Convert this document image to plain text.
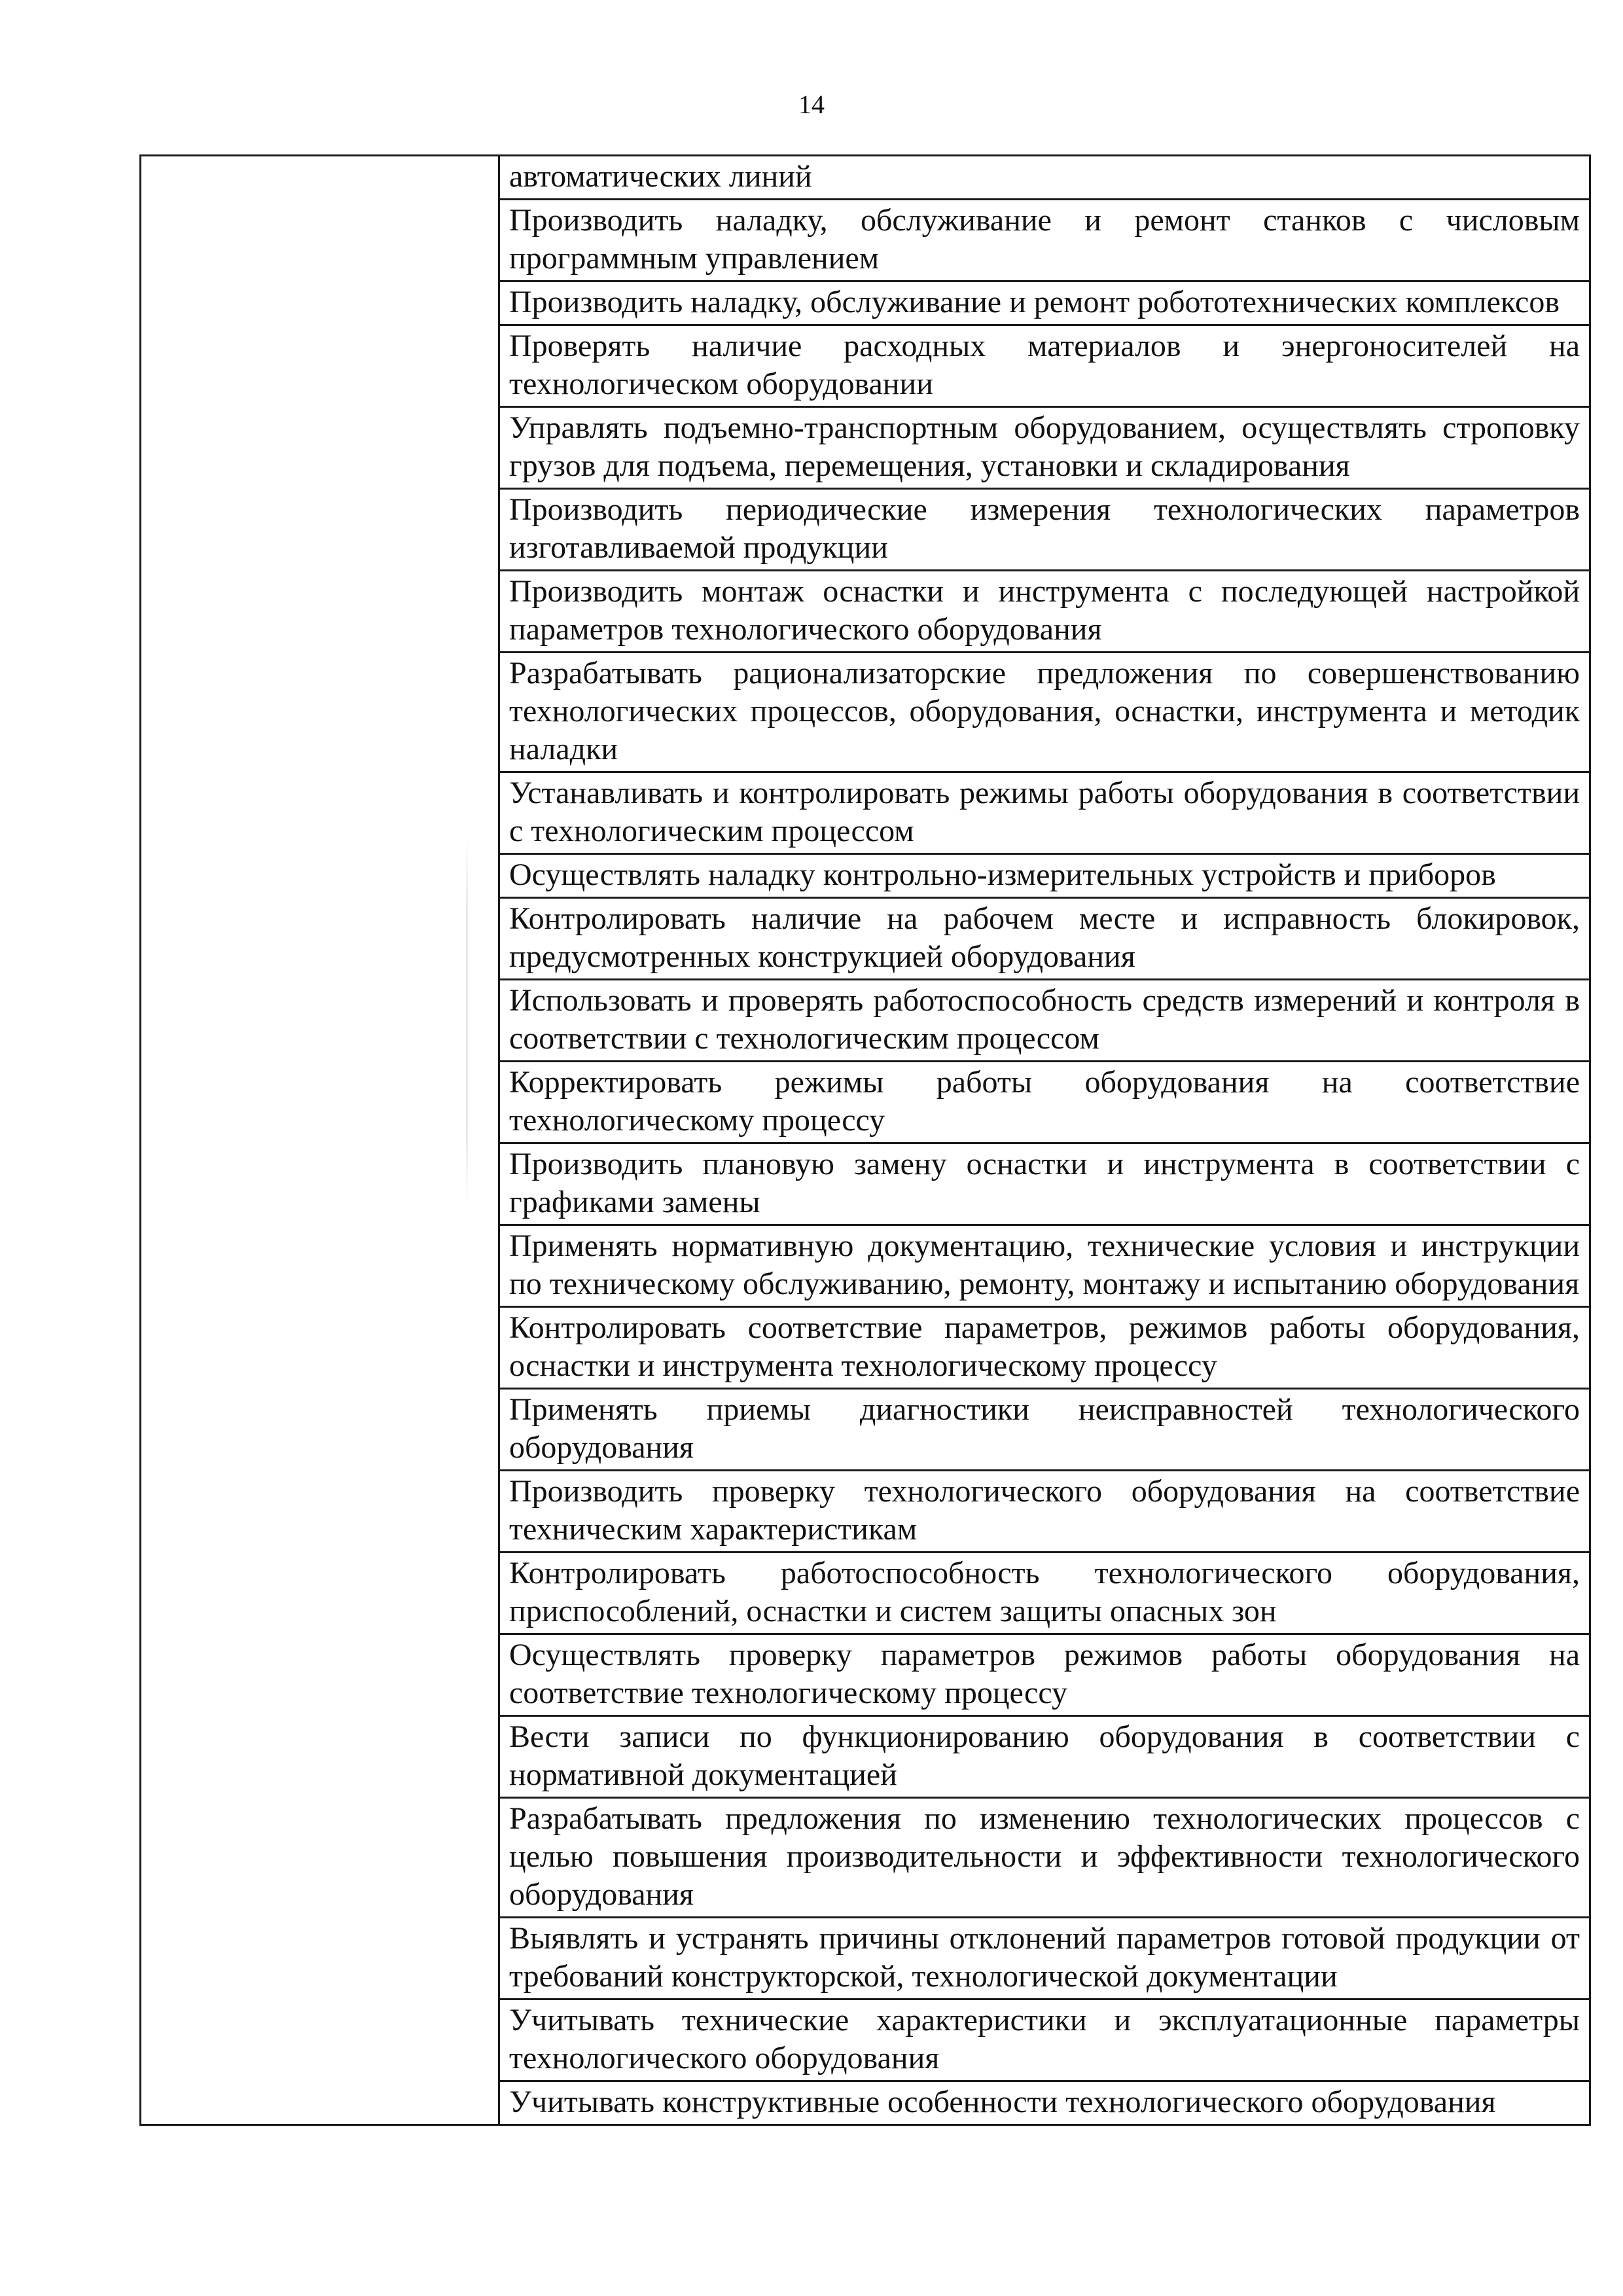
14
	автоматических линий
Производить наладку, обслуживание и ремонт станков с числовым программным управлением
Производить наладку, обслуживание и ремонт робототехнических комплексов
Проверять наличие расходных материалов и энергоносителей на технологическом оборудовании
Управлять подъемно-транспортным оборудованием, осуществлять строповку грузов для подъема, перемещения, установки и складирования
Производить периодические измерения технологических параметров изготавливаемой продукции
Производить монтаж оснастки и инструмента с последующей настройкой параметров технологического оборудования
Разрабатывать рационализаторские предложения по совершенствованию технологических процессов, оборудования, оснастки, инструмента и методик наладки
Устанавливать и контролировать режимы работы оборудования в соответствии с технологическим процессом
Осуществлять наладку контрольно-измерительных устройств и приборов
Контролировать наличие на рабочем месте и исправность блокировок, предусмотренных конструкцией оборудования
Использовать и проверять работоспособность средств измерений и контроля в соответствии с технологическим процессом
Корректировать режимы работы оборудования на соответствие технологическому процессу
Производить плановую замену оснастки и инструмента в соответствии с графиками замены
Применять нормативную документацию, технические условия и инструкции по техническому обслуживанию, ремонту, монтажу и испытанию оборудования
Контролировать соответствие параметров, режимов работы оборудования, оснастки и инструмента технологическому процессу
Применять приемы диагностики неисправностей технологического оборудования
Производить проверку технологического оборудования на соответствие техническим характеристикам
Контролировать работоспособность технологического оборудования, приспособлений, оснастки и систем защиты опасных зон
Осуществлять проверку параметров режимов работы оборудования на соответствие технологическому процессу
Вести записи по функционированию оборудования в соответствии с нормативной документацией
Разрабатывать предложения по изменению технологических процессов с целью повышения производительности и эффективности технологического оборудования
Выявлять и устранять причины отклонений параметров готовой продукции от требований конструкторской, технологической документации
Учитывать технические характеристики и эксплуатационные параметры технологического оборудования
Учитывать конструктивные особенности технологического оборудования
